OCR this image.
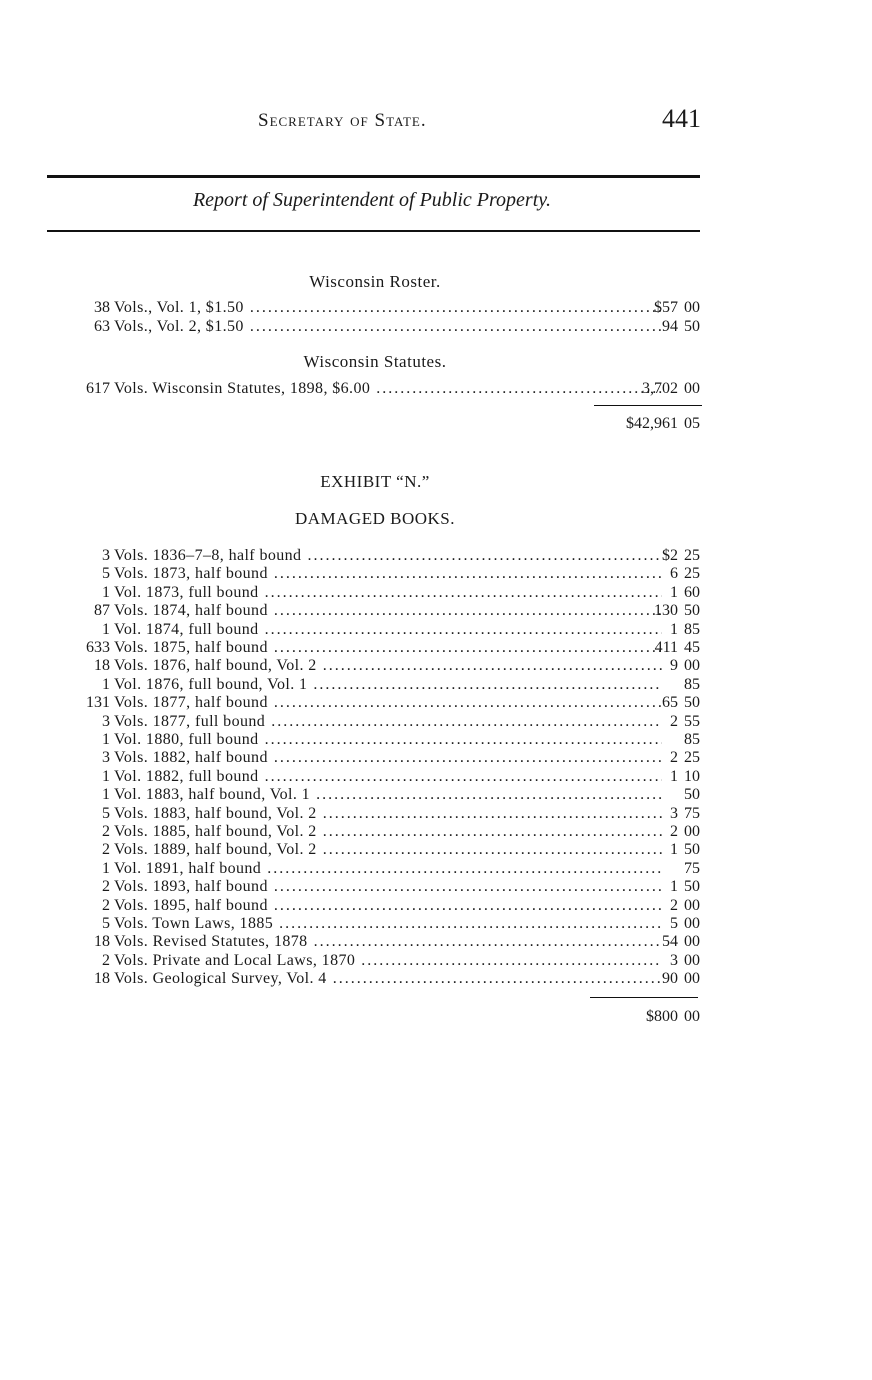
Secretary of State.	441
Report of Superintendent of Public Property.
Wisconsin Roster.
38 Vols., Vol. 1, $1.50 .....	$57 00
63 Vols., Vol. 2, $1.50 .....	94 50
Wisconsin Statutes.
617 Vols. Wisconsin Statutes, 1898, $6.00 .....	3,702 00
$42,961 05
EXHIBIT “N.”
DAMAGED BOOKS.
3 Vols. 1836–7–8, half bound .....	$2 25
5 Vols. 1873, half bound .....	6 25
1 Vol. 1873, full bound .....	1 60
87 Vols. 1874, half bound .....	130 50
1 Vol. 1874, full bound .....	1 85
633 Vols. 1875, half bound .....	411 45
18 Vols. 1876, half bound, Vol. 2 .....	9 00
1 Vol. 1876, full bound, Vol. 1 .....	85
131 Vols. 1877, half bound .....	65 50
3 Vols. 1877, full bound .....	2 55
1 Vol. 1880, full bound .....	85
3 Vols. 1882, half bound .....	2 25
1 Vol. 1882, full bound .....	1 10
1 Vol. 1883, half bound, Vol. 1 .....	50
5 Vols. 1883, half bound, Vol. 2 .....	3 75
2 Vols. 1885, half bound, Vol. 2 .....	2 00
2 Vols. 1889, half bound, Vol. 2 .....	1 50
1 Vol. 1891, half bound .....	75
2 Vols. 1893, half bound .....	1 50
2 Vols. 1895, half bound .....	2 00
5 Vols. Town Laws, 1885 .....	5 00
18 Vols. Revised Statutes, 1878 .....	54 00
2 Vols. Private and Local Laws, 1870 .....	3 00
18 Vols. Geological Survey, Vol. 4 .....	90 00
$800 00
